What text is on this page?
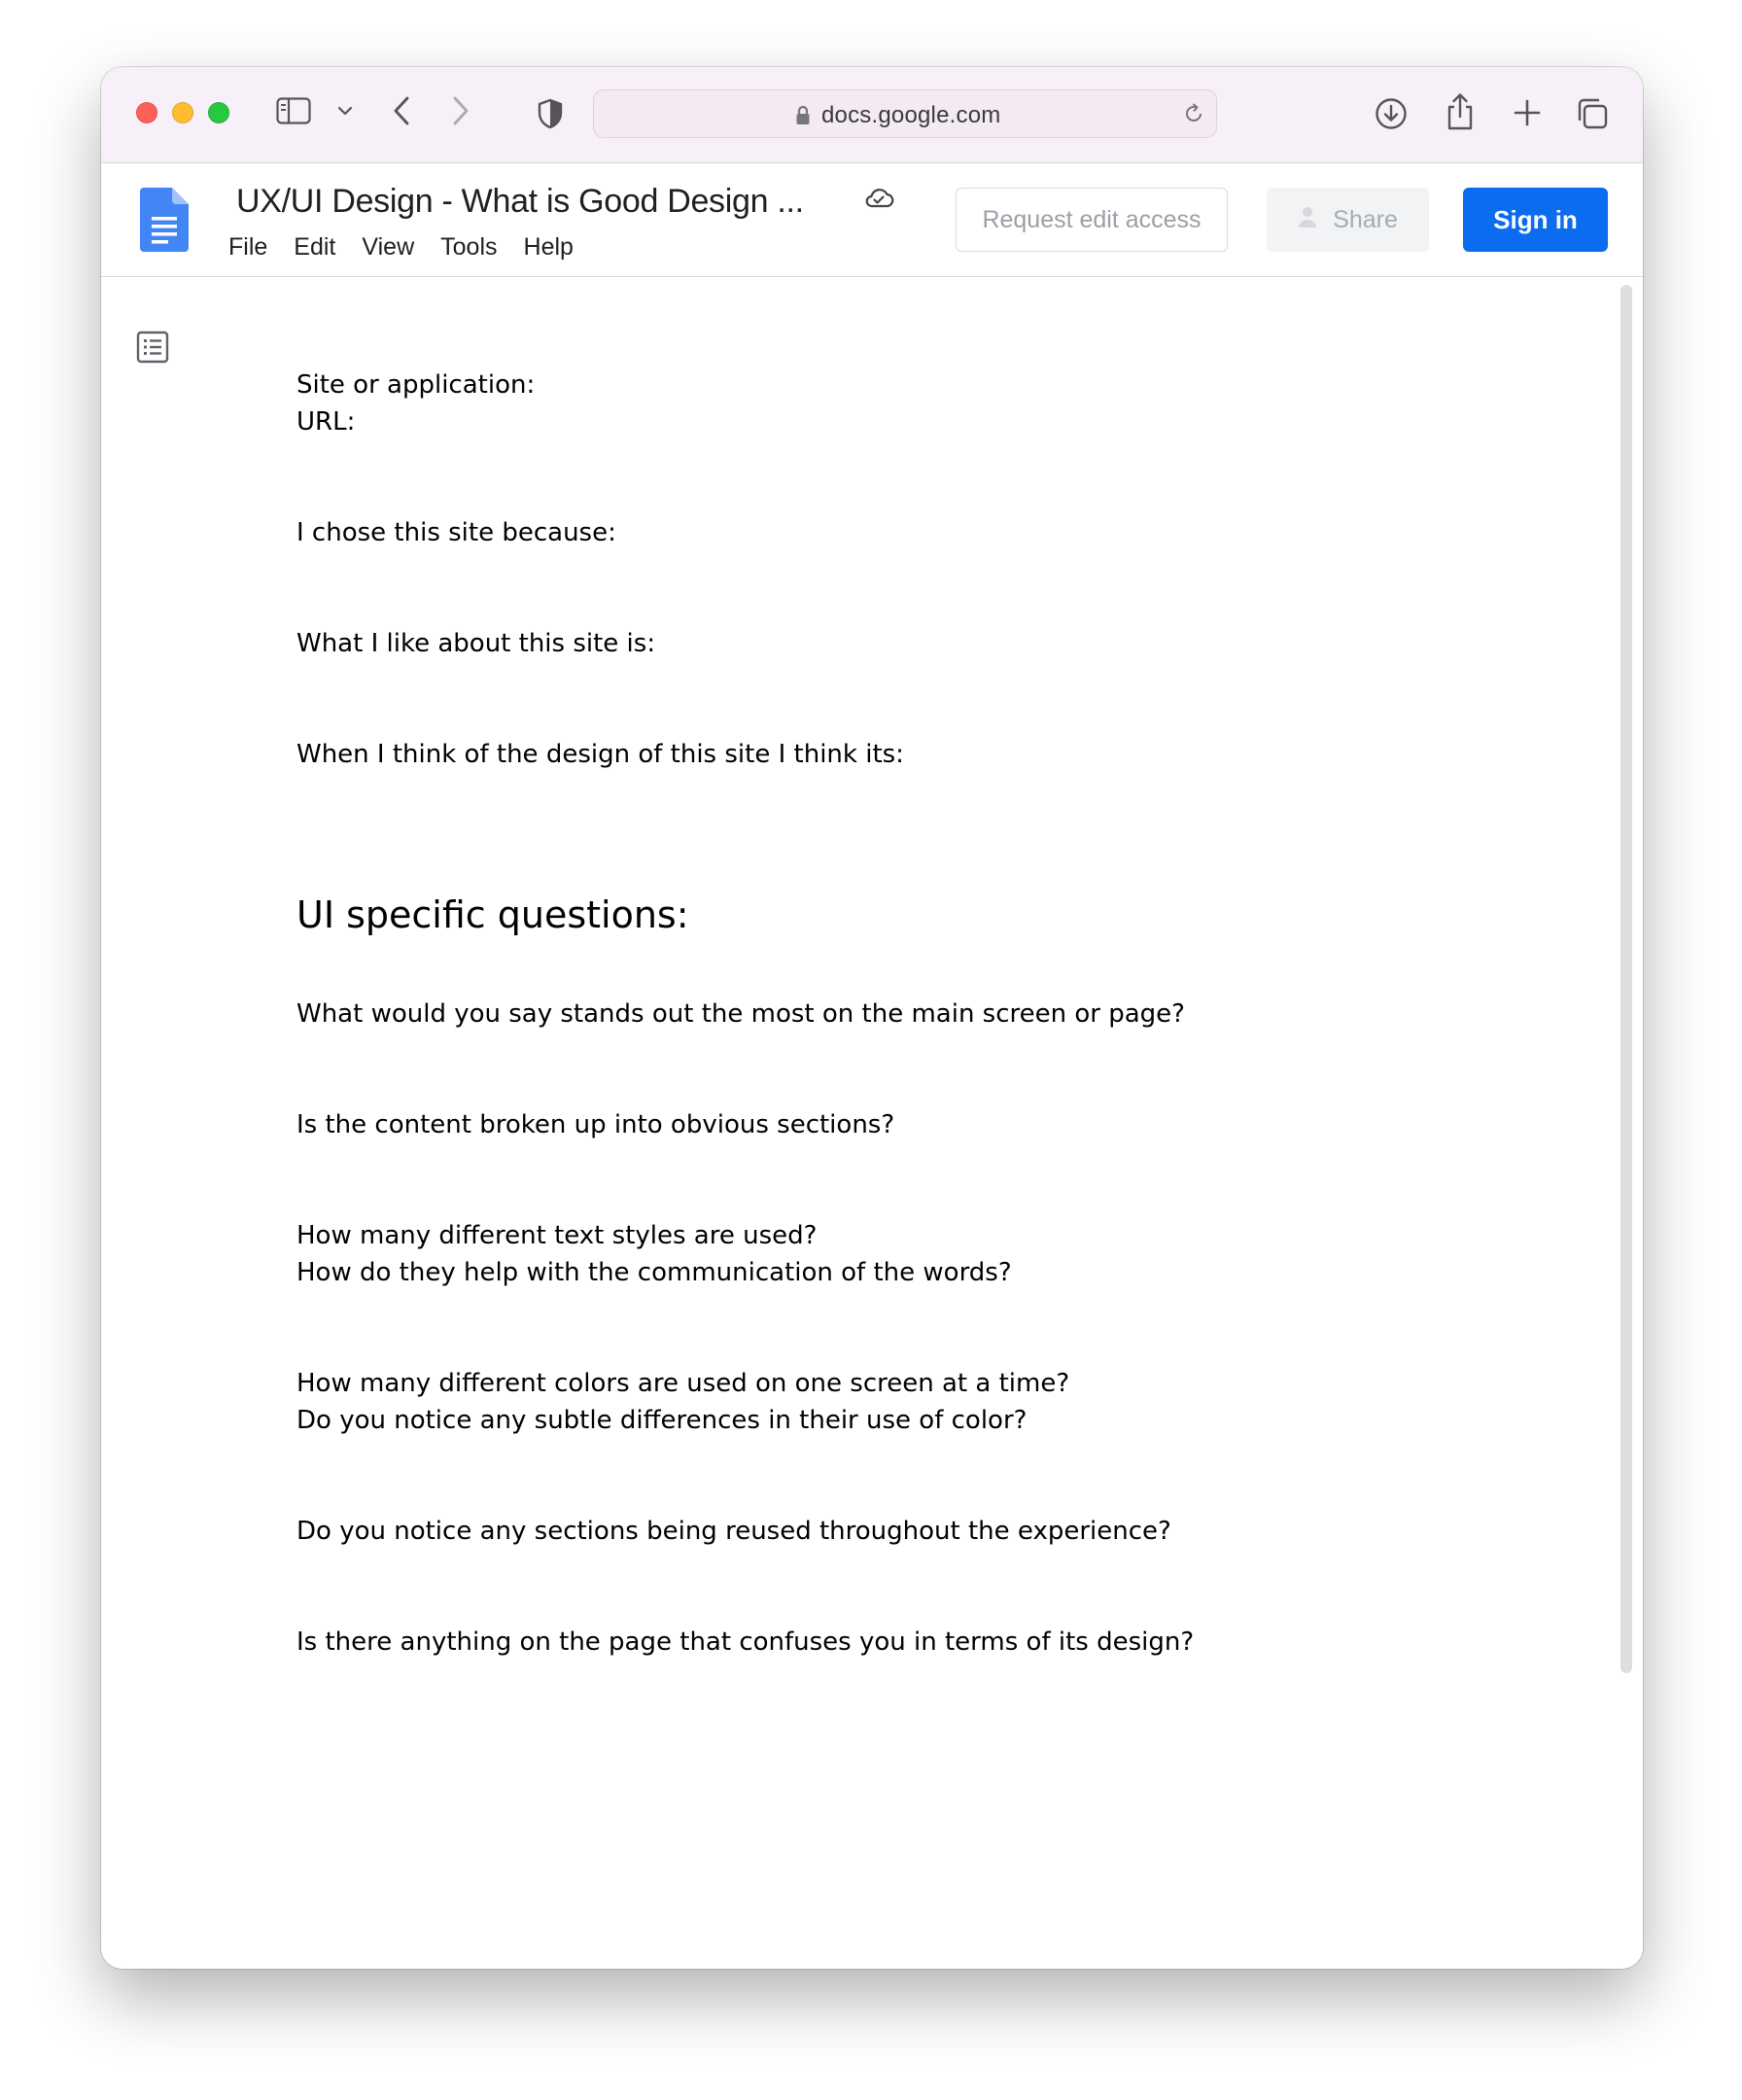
docs.google.com
UX/UI Design - What is Good Design ...
File Edit View Tools Help
Request edit access	Share	Sign in
Site or application:
URL:
I chose this site because:
What I like about this site is:
When I think of the design of this site I think its:
UI specific questions:
What would you say stands out the most on the main screen or page?
Is the content broken up into obvious sections?
How many different text styles are used?
How do they help with the communication of the words?
How many different colors are used on one screen at a time?
Do you notice any subtle differences in their use of color?
Do you notice any sections being reused throughout the experience?
Is there anything on the page that confuses you in terms of its design?
